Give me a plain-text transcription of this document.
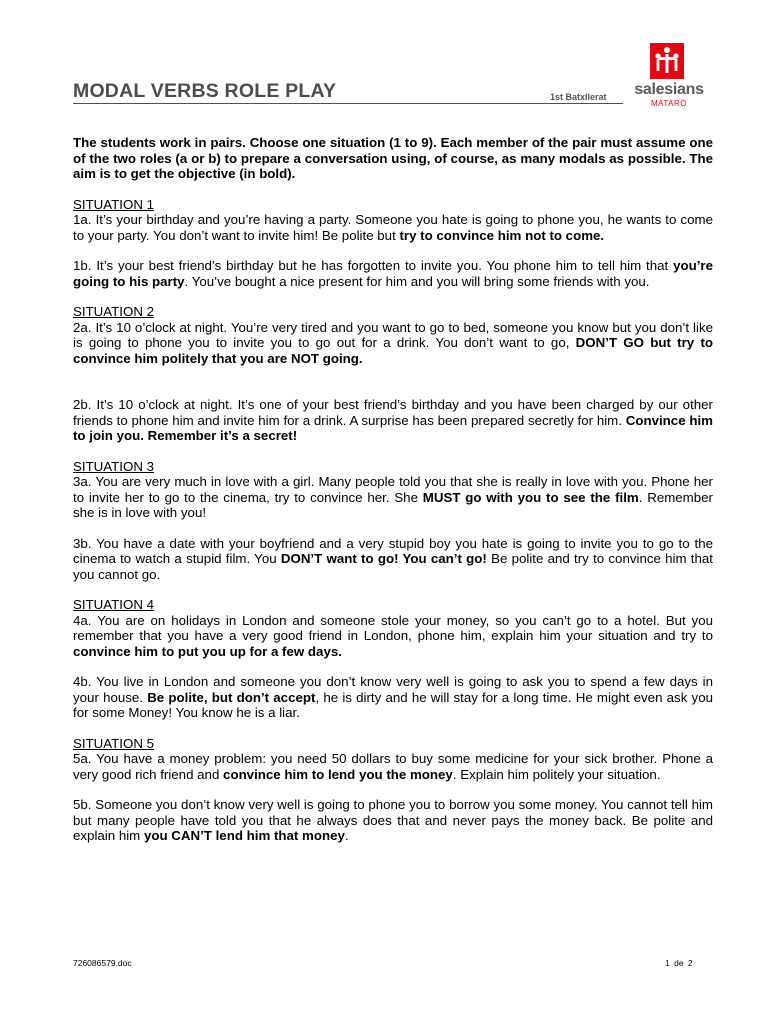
MODAL VERBS ROLE PLAY	1st Batxllerat	salesians
MATARÓ

The students work in pairs. Choose one situation (1 to 9). Each member of the pair must assume one of the two roles (a or b) to prepare a conversation using, of course, as many modals as possible. The aim is to get the objective (in bold).

SITUATION 1

1a. It’s your birthday and you’re having a party. Someone you hate is going to phone you, he wants to come to your party. You don’t want to invite him! Be polite but try to convince him not to come.

1b. It’s your best friend’s birthday but he has forgotten to invite you. You phone him to tell him that you’re going to his party. You’ve bought a nice present for him and you will bring some friends with you.

SITUATION 2

2a. It’s 10 o’clock at night. You’re very tired and you want to go to bed, someone you know but you don’t like is going to phone you to invite you to go out for a drink. You don’t want to go, DON’T GO but try to convince him politely that you are NOT going.

2b. It’s 10 o’clock at night. It’s one of your best friend’s birthday and you have been charged by our other friends to phone him and invite him for a drink. A surprise has been prepared secretly for him. Convince him to join you. Remember it’s a secret!

SITUATION 3

3a. You are very much in love with a girl. Many people told you that she is really in love with you. Phone her to invite her to go to the cinema, try to convince her. She MUST go with you to see the film. Remember she is in love with you!

3b. You have a date with your boyfriend and a very stupid boy you hate is going to invite you to go to the cinema to watch a stupid film. You DON’T want to go! You can’t go! Be polite and try to convince him that you cannot go.

SITUATION 4

4a. You are on holidays in London and someone stole your money, so you can’t go to a hotel. But you remember that you have a very good friend in London, phone him, explain him your situation and try to convince him to put you up for a few days.

4b. You live in London and someone you don’t know very well is going to ask you to spend a few days in your house. Be polite, but don’t accept, he is dirty and he will stay for a long time. He might even ask you for some Money! You know he is a liar.

SITUATION 5

5a. You have a money problem: you need 50 dollars to buy some medicine for your sick brother. Phone a very good rich friend and convince him to lend you the money. Explain him politely your situation.

5b. Someone you don’t know very well is going to phone you to borrow you some money. You cannot tell him but many people have told you that he always does that and never pays the money back. Be polite and explain him you CAN’T lend him that money.

726086579.doc	1 de 2
